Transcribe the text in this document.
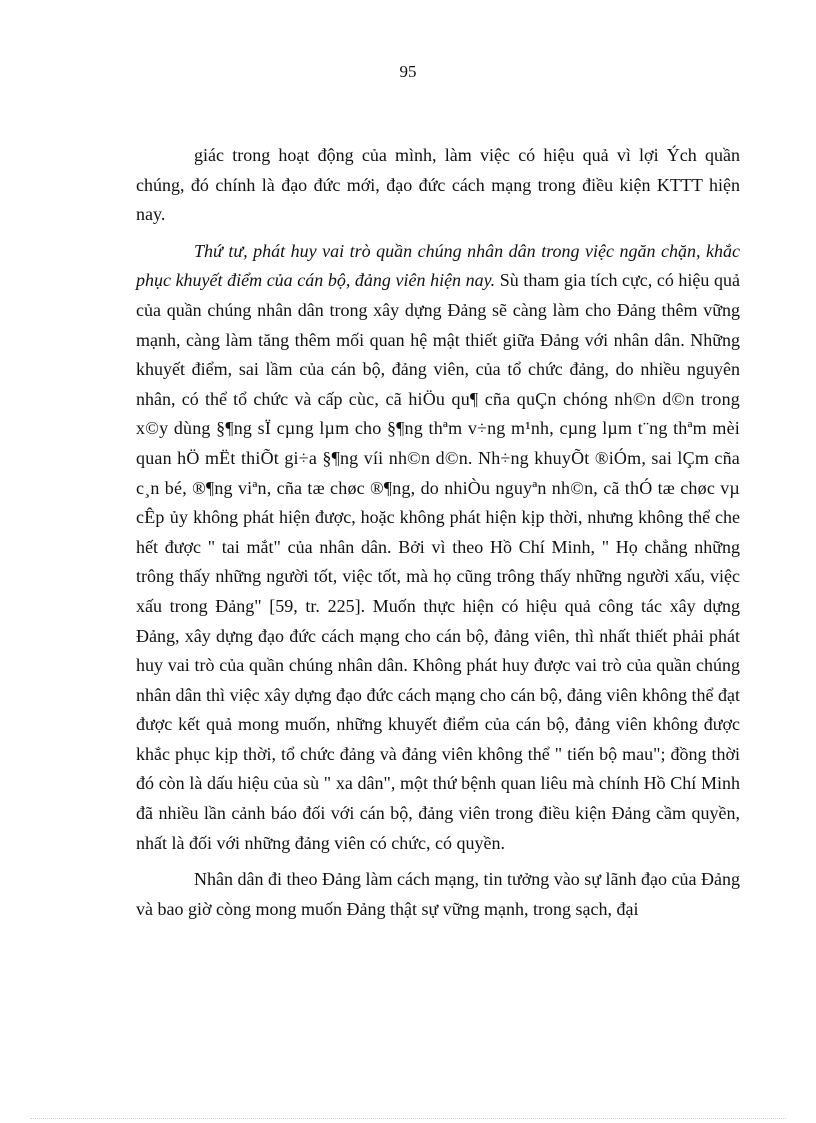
95

giác trong hoạt động của mình, làm việc có hiệu quả vì lợi Ých quần chúng, đó chính là đạo đức mới, đạo đức cách mạng trong điều kiện KTTT hiện nay.

Thứ tư, phát huy vai trò quần chúng nhân dân trong việc ngăn chặn, khắc phục khuyết điểm của cán bộ, đảng viên hiện nay. Sù tham gia tích cực, có hiệu quả của quần chúng nhân dân trong xây dựng Đảng sẽ càng làm cho Đảng thêm vững mạnh, càng làm tăng thêm mối quan hệ mật thiết giữa Đảng với nhân dân. Những khuyết điểm, sai lầm của cán bộ, đảng viên, của tổ chức đảng, do nhiều nguyên nhân, có thể tổ chức và cấp cùc, cã hiÖu qu¶ cña quÇn chóng nh©n d©n trong x©y dùng §¶ng sÏ cµng lµm cho §¶ng thªm v÷ng m¹nh, cµng lµm t¨ng thªm mèi quan hÖ mËt thiÕt gi÷a §¶ng víi nh©n d©n. Nh÷ng khuyÕt ®iÓm, sai lÇm cña c¸n bé, ®¶ng viªn, cña tæ chøc ®¶ng, do nhiÒu nguyªn nh©n, cã thÓ tæ chøc vµ cÊp ủy không phát hiện được, hoặc không phát hiện kịp thời, nhưng không thể che hết được " tai mắt" của nhân dân. Bởi vì theo Hồ Chí Minh, " Họ chẳng những trông thấy những người tốt, việc tốt, mà họ cũng trông thấy những người xấu, việc xấu trong Đảng" [59, tr. 225]. Muốn thực hiện có hiệu quả công tác xây dựng Đảng, xây dựng đạo đức cách mạng cho cán bộ, đảng viên, thì nhất thiết phải phát huy vai trò của quần chúng nhân dân. Không phát huy được vai trò của quần chúng nhân dân thì việc xây dựng đạo đức cách mạng cho cán bộ, đảng viên không thể đạt được kết quả mong muốn, những khuyết điểm của cán bộ, đảng viên không được khắc phục kịp thời, tổ chức đảng và đảng viên không thể " tiến bộ mau"; đồng thời đó còn là dấu hiệu của sù " xa dân", một thứ bệnh quan liêu mà chính Hồ Chí Minh đã nhiều lần cảnh báo đối với cán bộ, đảng viên trong điều kiện Đảng cầm quyền, nhất là đối với những đảng viên có chức, có quyền.

Nhân dân đi theo Đảng làm cách mạng, tin tưởng vào sự lãnh đạo của Đảng và bao giờ còng mong muốn Đảng thật sự vững mạnh, trong sạch, đại
